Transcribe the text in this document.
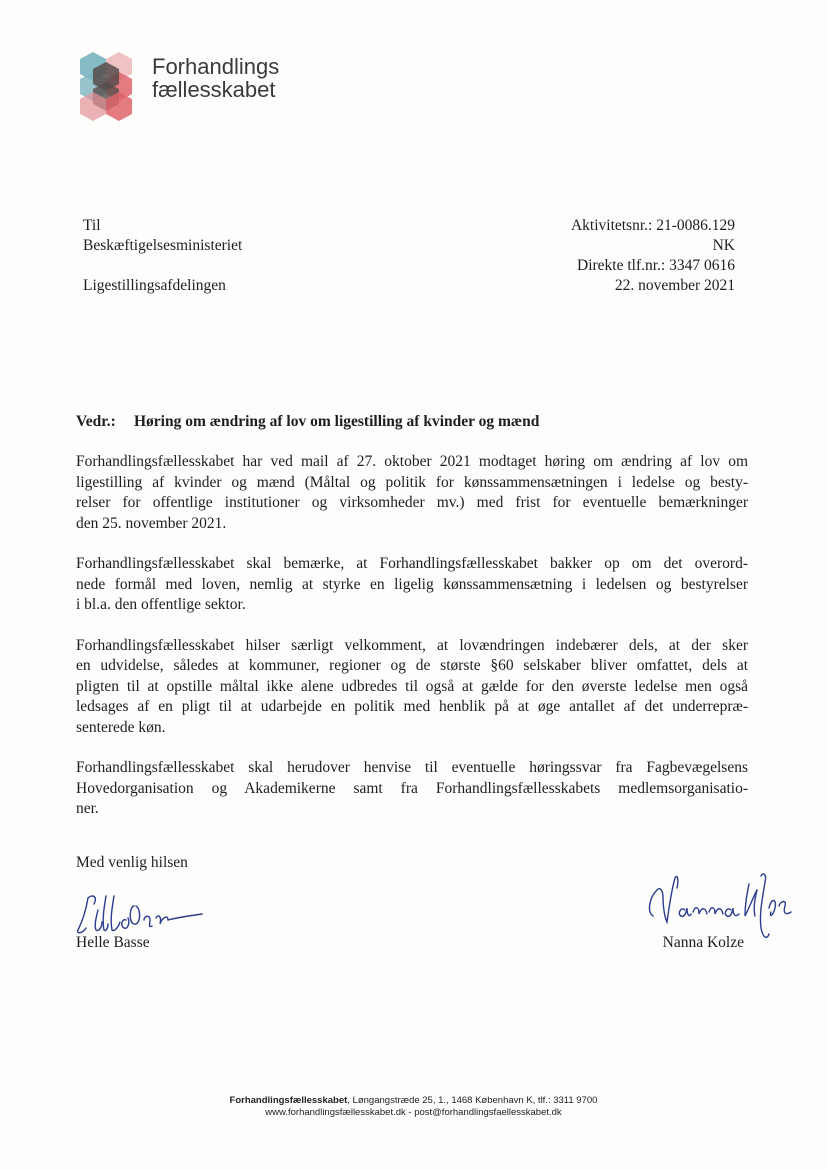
Forhandlings
fællesskabet
Til
Beskæftigelsesministeriet
Ligestillingsafdelingen
Aktivitetsnr.: 21-0086.129
NK
Direkte tlf.nr.: 3347 0616
22. november 2021
Vedr.: Høring om ændring af lov om ligestilling af kvinder og mænd
Forhandlingsfællesskabet har ved mail af 27. oktober 2021 modtaget høring om ændring af lov om
ligestilling af kvinder og mænd (Måltal og politik for kønssammensætningen i ledelse og besty-
relser for offentlige institutioner og virksomheder mv.) med frist for eventuelle bemærkninger
den 25. november 2021.
Forhandlingsfællesskabet skal bemærke, at Forhandlingsfællesskabet bakker op om det overord-
nede formål med loven, nemlig at styrke en ligelig kønssammensætning i ledelsen og bestyrelser
i bl.a. den offentlige sektor.
Forhandlingsfællesskabet hilser særligt velkomment, at lovændringen indebærer dels, at der sker
en udvidelse, således at kommuner, regioner og de største §60 selskaber bliver omfattet, dels at
pligten til at opstille måltal ikke alene udbredes til også at gælde for den øverste ledelse men også
ledsages af en pligt til at udarbejde en politik med henblik på at øge antallet af det underrepræ-
senterede køn.
Forhandlingsfællesskabet skal herudover henvise til eventuelle høringssvar fra Fagbevægelsens
Hovedorganisation og Akademikerne samt fra Forhandlingsfællesskabets medlemsorganisatio-
ner.
Med venlig hilsen
Helle Basse	Nanna Kolze
Forhandlingsfællesskabet, Løngangstræde 25, 1., 1468 København K, tlf.: 3311 9700
www.forhandlingsfællesskabet.dk - post@forhandlingsfaellesskabet.dk
